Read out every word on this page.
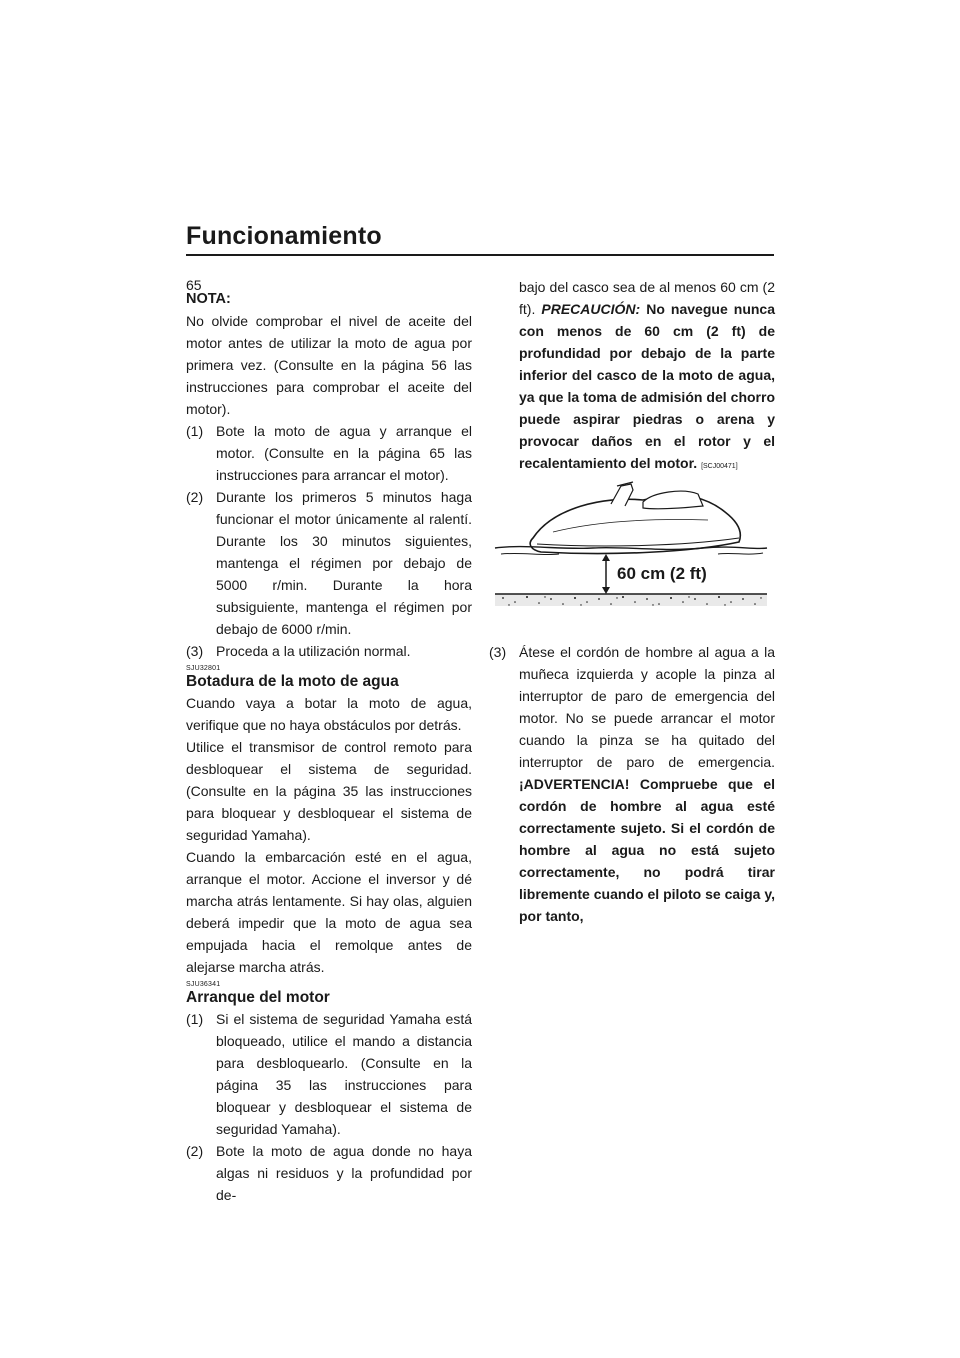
Funcionamiento
65
NOTA:

No olvide comprobar el nivel de aceite del motor antes de utilizar la moto de agua por primera vez. (Consulte en la página 56 las instrucciones para comprobar el aceite del motor).

(1) Bote la moto de agua y arranque el motor. (Consulte en la página 65 las instrucciones para arrancar el motor).
(2) Durante los primeros 5 minutos haga funcionar el motor únicamente al ralentí. Durante los 30 minutos siguientes, mantenga el régimen por debajo de 5000 r/min. Durante la hora subsiguiente, mantenga el régimen por debajo de 6000 r/min.
(3) Proceda a la utilización normal.
SJU32801
Botadura de la moto de agua

Cuando vaya a botar la moto de agua, verifique que no haya obstáculos por detrás.

Utilice el transmisor de control remoto para desbloquear el sistema de seguridad. (Consulte en la página 35 las instrucciones para bloquear y desbloquear el sistema de seguridad Yamaha).

Cuando la embarcación esté en el agua, arranque el motor. Accione el inversor y dé marcha atrás lentamente. Si hay olas, alguien deberá impedir que la moto de agua sea empujada hacia el remolque antes de alejarse marcha atrás.

SJU36341
Arranque del motor
(1) Si el sistema de seguridad Yamaha está bloqueado, utilice el mando a distancia para desbloquearlo. (Consulte en la página 35 las instrucciones para bloquear y desbloquear el sistema de seguridad Yamaha).
(2) Bote la moto de agua donde no haya algas ni residuos y la profundidad por de-
bajo del casco sea de al menos 60 cm (2 ft). PRECAUCIÓN: No navegue nunca con menos de 60 cm (2 ft) de profundidad por debajo de la parte inferior del casco de la moto de agua, ya que la toma de admisión del chorro puede aspirar piedras o arena y provocar daños en el rotor y el recalentamiento del motor. [SCJ00471]
60 cm (2 ft)
(3) Átese el cordón de hombre al agua a la muñeca izquierda y acople la pinza al interruptor de paro de emergencia del motor. No se puede arrancar el motor cuando la pinza se ha quitado del interruptor de paro de emergencia. ¡ADVERTENCIA! Compruebe que el cordón de hombre al agua esté correctamente sujeto. Si el cordón de hombre al agua no está sujeto correctamente, no podrá tirar libremente cuando el piloto se caiga y, por tanto,
